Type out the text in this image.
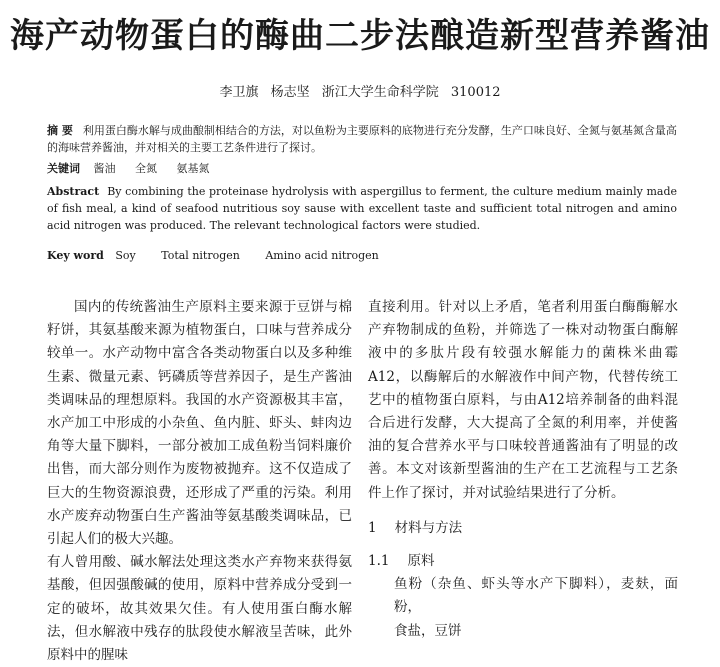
海产动物蛋白的酶曲二步法酿造新型营养酱油
李卫旗 杨志坚 浙江大学生命科学院 310012
摘 要 利用蛋白酶水解与成曲酿制相结合的方法，对以鱼粉为主要原料的底物进行充分发酵，生产口味良好、全氮与氨基氮含量高的海味营养酱油，并对相关的主要工艺条件进行了探讨。
关键词 酱油 全氮 氨基氮
Abstract By combining the proteinase hydrolysis with aspergillus to ferment, the culture medium mainly made of fish meal, a kind of seafood nutritious soy sause with excellent taste and sufficient total nitrogen and amino acid nitrogen was produced. The relevant technological factors were studied.
Key word Soy Total nitrogen Amino acid nitrogen

国内的传统酱油生产原料主要来源于豆饼与棉籽饼，其氨基酸来源为植物蛋白，口味与营养成分较单一。水产动物中富含各类动物蛋白以及多种维生素、微量元素、钙磷质等营养因子，是生产酱油类调味品的理想原料。我国的水产资源极其丰富，水产加工中形成的小杂鱼、鱼内脏、虾头、蚌肉边角等大量下脚料，一部分被加工成鱼粉当饲料廉价出售，而大部分则作为废物被抛弃。这不仅造成了巨大的生物资源浪费，还形成了严重的污染。利用水产废弃动物蛋白生产酱油等氨基酸类调味品，已引起人们的极大兴趣。

有人曾用酸、碱水解法处理这类水产弃物来获得氨基酸，但因强酸碱的使用，原料中营养成分受到一定的破坏，故其效果欠佳。有人使用蛋白酶水解法，但水解液中残存的肽段使水解液呈苦味，此外原料中的腥味

直接利用。针对以上矛盾，笔者利用蛋白酶酶解水产弃物制成的鱼粉，并筛选了一株对动物蛋白酶解液中的多肽片段有较强水解能力的菌株米曲霉A12，以酶解后的水解液作中间产物，代替传统工艺中的植物蛋白原料，与由A12培养制备的曲料混合后进行发酵，大大提高了全氮的利用率，并使酱油的复合营养水平与口味较普通酱油有了明显的改善。本文对该新型酱油的生产在工艺流程与工艺条件上作了探讨，并对试验结果进行了分析。

1 材料与方法

1.1 原料

鱼粉（杂鱼、虾头等水产下脚料），麦麸，面粉，

食盐，豆饼
